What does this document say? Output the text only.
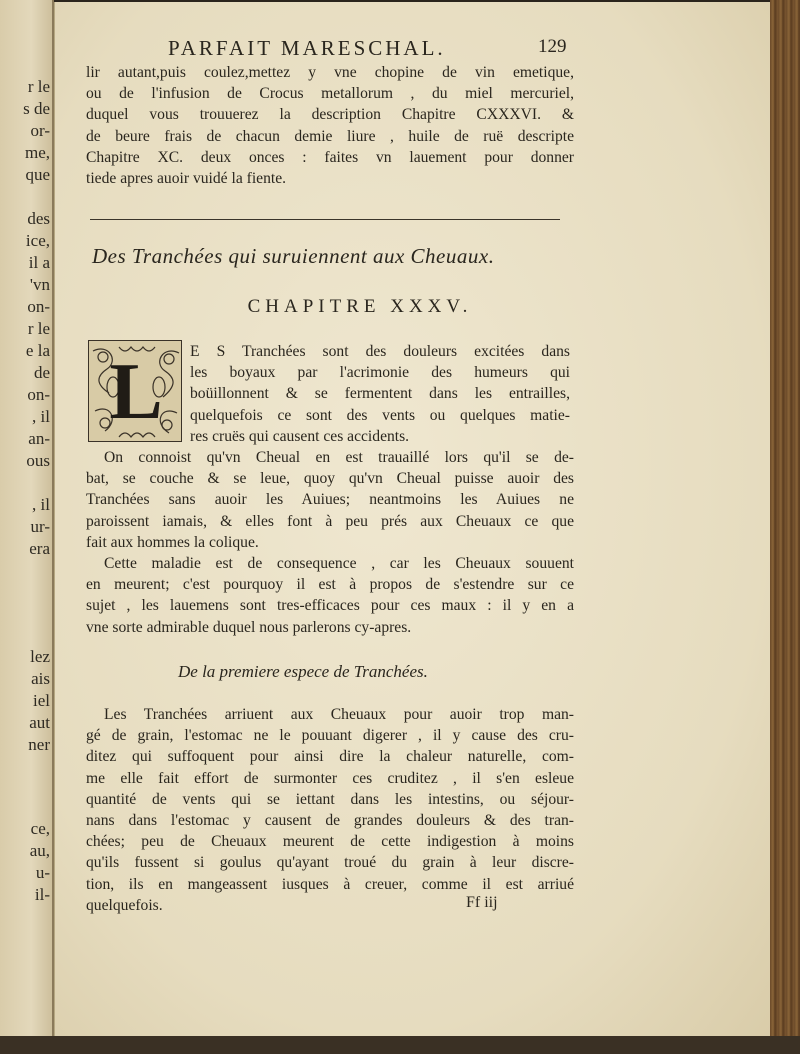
r le
s de
or-
me,
que
des
ice,
il a
'vn
on-
r le
e la
de
on-
, il
an-
ous
, il
ur-
era
lez
ais
iel
aut
ner
ce,
au,
u-
il-
PARFAIT MARESCHAL.	129
lir autant,puis coulez,mettez y vne chopine de vin emetique,
ou de l'infusion de Crocus metallorum , du miel mercuriel,
duquel vous trouuerez la description Chapitre CXXXVI. &
de beure frais de chacun demie liure , huile de ruë descripte
Chapitre XC. deux onces : faites vn lauement pour donner
tiede apres auoir vuidé la fiente.
Des Tranchées qui suruiennent aux Cheuaux.
CHAPITRE XXXV.
L	E S Tranchées sont des douleurs excitées dans
les boyaux par l'acrimonie des humeurs qui
boüillonnent & se fermentent dans les entrailles,
quelquefois ce sont des vents ou quelques matie-
res cruës qui causent ces accidents.
On connoist qu'vn Cheual en est trauaillé lors qu'il se de-
bat, se couche & se leue, quoy qu'vn Cheual puisse auoir des
Tranchées sans auoir les Auiues; neantmoins les Auiues ne
paroissent iamais, & elles font à peu prés aux Cheuaux ce que
fait aux hommes la colique.
Cette maladie est de consequence , car les Cheuaux souuent
en meurent; c'est pourquoy il est à propos de s'estendre sur ce
sujet , les lauemens sont tres-efficaces pour ces maux : il y en a
vne sorte admirable duquel nous parlerons cy-apres.
De la premiere espece de Tranchées.
Les Tranchées arriuent aux Cheuaux pour auoir trop man-
gé de grain, l'estomac ne le pouuant digerer , il y cause des cru-
ditez qui suffoquent pour ainsi dire la chaleur naturelle, com-
me elle fait effort de surmonter ces cruditez , il s'en esleue
quantité de vents qui se iettant dans les intestins, ou séjour-
nans dans l'estomac y causent de grandes douleurs & des tran-
chées; peu de Cheuaux meurent de cette indigestion à moins
qu'ils fussent si goulus qu'ayant troué du grain à leur discre-
tion, ils en mangeassent iusques à creuer, comme il est arriué
quelquefois.	Ff iij
